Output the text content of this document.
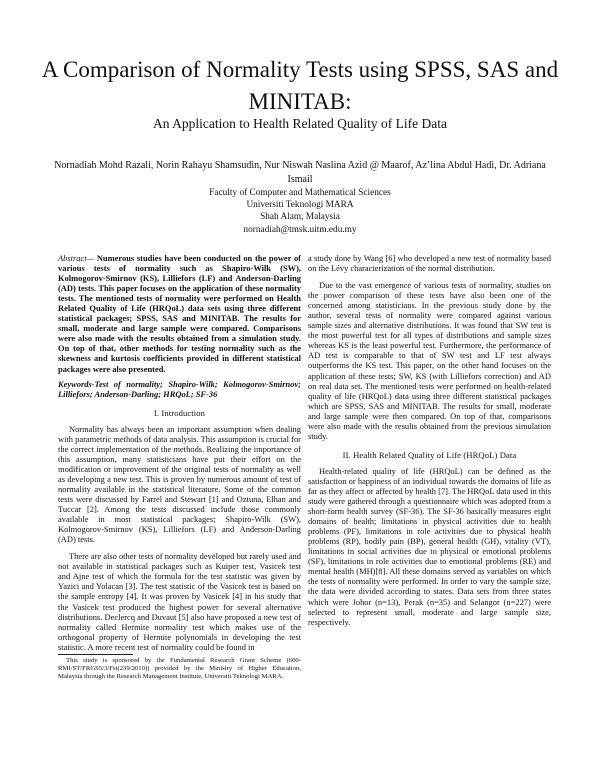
A Comparison of Normality Tests using SPSS, SAS and MINITAB:
An Application to Health Related Quality of Life Data

Nornadiah Mohd Razali, Norin Rahayu Shamsudin, Nur Niswah Naslina Azid @ Maarof, Az’lina Abdul Hadi, Dr. Adriana Ismail

Faculty of Computer and Mathematical Sciences
Universiti Teknologi MARA
Shah Alam, Malaysia
nornadiah@tmsk.uitm.edu.my

Abstract— Numerous studies have been conducted on the power of various tests of normality such as Shapiro-Wilk (SW), Kolmogorov-Smirnov (KS), Lilliefors (LF) and Anderson-Darling (AD) tests. This paper focuses on the application of these normality tests. The mentioned tests of normality were performed on Health Related Quality of Life (HRQoL) data sets using three different statistical packages; SPSS, SAS and MINITAB. The results for small, moderate and large sample were compared. Comparisons were also made with the results obtained from a simulation study. On top of that, other methods for testing normality such as the skewness and kurtosis coefficients provided in different statistical packages were also presented.

Keywords-Test of normality; Shapiro-Wilk; Kolmogorov-Smirnov; Lilliefors; Anderson-Darling; HRQoL; SF-36

I. Introduction

Normality has always been an important assumption when dealing with parametric methods of data analysis. This assumption is crucial for the correct implementation of the methods. Realizing the importance of this assumption, many statisticians have put their effort on the modification or improvement of the original tests of normality as well as developing a new test. This is proven by numerous amount of test of normality available in the statistical literature. Some of the common tests were discussed by Farrel and Stewart [1] and Oztuna, Elhan and Tuccar [2]. Among the tests discussed include those commonly available in most statistical packages; Shapiro-Wilk (SW), Kolmogorov-Smirnov (KS), Lilliefors (LF) and Anderson-Darling (AD) tests.

There are also other tests of normality developed but rarely used and not available in statistical packages such as Kuiper test, Vasicek test and Ajne test of which the formula for the test statistic was given by Yazici and Yolacan [3]. The test statistic of the Vasicek test is based on the sample entropy [4]. It was proven by Vasicek [4] in his study that the Vasicek test produced the highest power for several alternative distributions. Declercq and Duvaut [5] also have proposed a new test of normality called Hermite normality test which makes use of the orthogonal property of Hermite polynomials in developing the test statistic. A more recent test of normality could be found in

This study is sponsored by the Fundamental Research Grant Scheme (600-RMI/ST/FRGS5/3/Fst(239/2010)) provided by the Ministry of Higher Education, Malaysia through the Research Management Institute, Universiti Teknologi MARA.

a study done by Wang [6] who developed a new test of normality based on the Lévy characterization of the normal distribution.

Due to the vast emergence of various tests of normality, studies on the power comparison of these tests have also been one of the concerned among statisticians. In the previous study done by the author, several tests of normality were compared against various sample sizes and alternative distributions. It was found that SW test is the most powerful test for all types of distributions and sample sizes whereas KS is the least powerful test. Furthermore, the performance of AD test is comparable to that of SW test and LF test always outperforms the KS test. This paper, on the other hand focuses on the application of these tests; SW, KS (with Lilliefors correction) and AD on real data set. The mentioned tests were performed on health-related quality of life (HRQoL) data using three different statistical packages which are SPSS, SAS and MINITAB. The results for small, moderate and large sample were then compared. On top of that, comparisons were also made with the results obtained from the previous simulation study.

II. Health Related Quality of Life (HRQoL) Data

Health-related quality of life (HRQoL) can be defined as the satisfaction or happiness of an individual towards the domains of life as far as they affect or affected by health [7]. The HRQoL data used in this study were gathered through a questionnaire which was adopted from a short-form health survey (SF-36). The SF-36 basically measures eight domains of health; limitations in physical activities due to health problems (PF), limitations in role activities due to physical health problems (RP), bodily pain (BP), general health (GH), vitality (VT), limitations in social activities due to physical or emotional problems (SF), limitations in role activities due to emotional problems (RE) and mental health (MH)[8]. All these domains served as variables on which the tests of normality were performed. In order to vary the sample size, the data were divided according to states. Data sets from three states which were Johor (n=13), Perak (n=35) and Selangor (n=227) were selected to represent small, moderate and large sample size, respectively.
